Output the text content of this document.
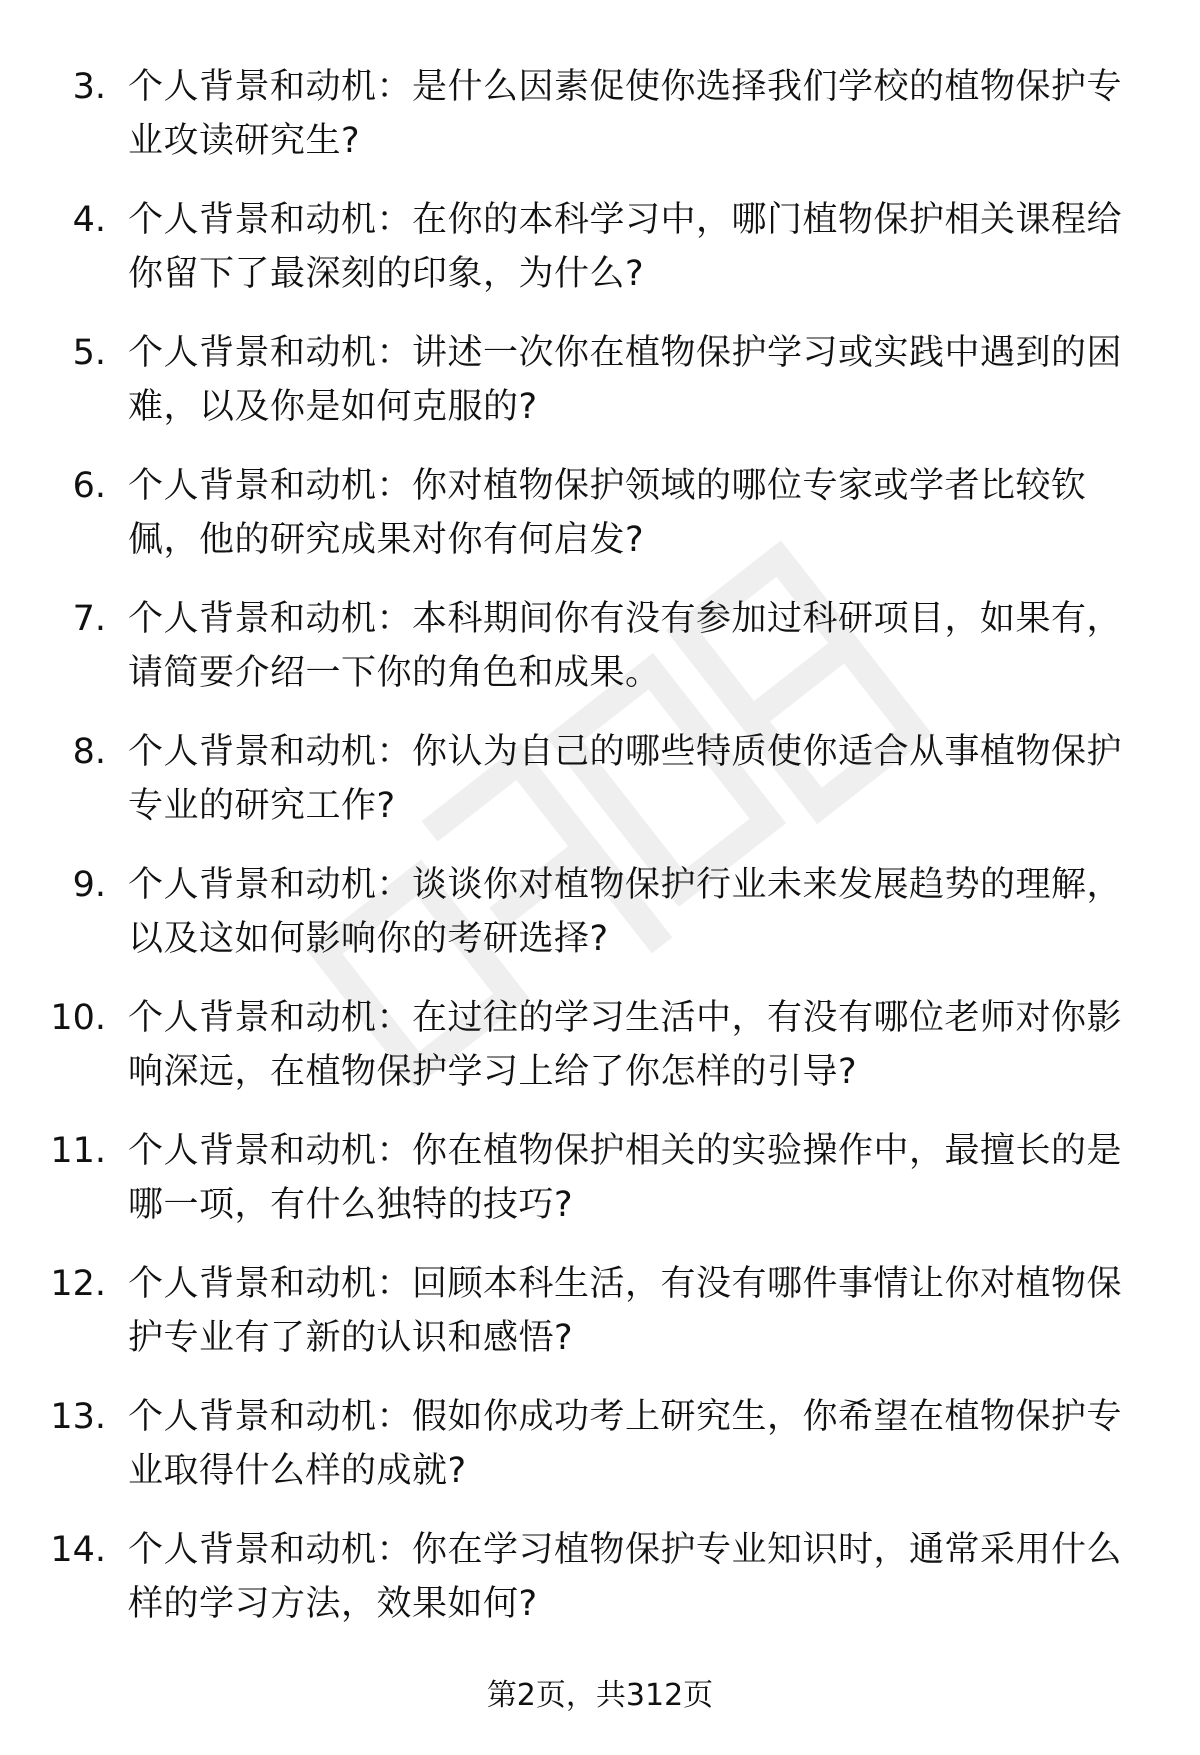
3. 个人背景和动机：是什么因素促使你选择我们学校的植物保护专业攻读研究生?
4. 个人背景和动机：在你的本科学习中，哪门植物保护相关课程给你留下了最深刻的印象，为什么?
5. 个人背景和动机：讲述一次你在植物保护学习或实践中遇到的困难，以及你是如何克服的?
6. 个人背景和动机：你对植物保护领域的哪位专家或学者比较钦佩，他的研究成果对你有何启发?
7. 个人背景和动机：本科期间你有没有参加过科研项目，如果有，请简要介绍一下你的角色和成果。
8. 个人背景和动机：你认为自己的哪些特质使你适合从事植物保护专业的研究工作?
9. 个人背景和动机：谈谈你对植物保护行业未来发展趋势的理解，以及这如何影响你的考研选择?
10. 个人背景和动机：在过往的学习生活中，有没有哪位老师对你影响深远，在植物保护学习上给了你怎样的引导?
11. 个人背景和动机：你在植物保护相关的实验操作中，最擅长的是哪一项，有什么独特的技巧?
12. 个人背景和动机：回顾本科生活，有没有哪件事情让你对植物保护专业有了新的认识和感悟?
13. 个人背景和动机：假如你成功考上研究生，你希望在植物保护专业取得什么样的成就?
14. 个人背景和动机：你在学习植物保护专业知识时，通常采用什么样的学习方法，效果如何?
第2页，共312页
